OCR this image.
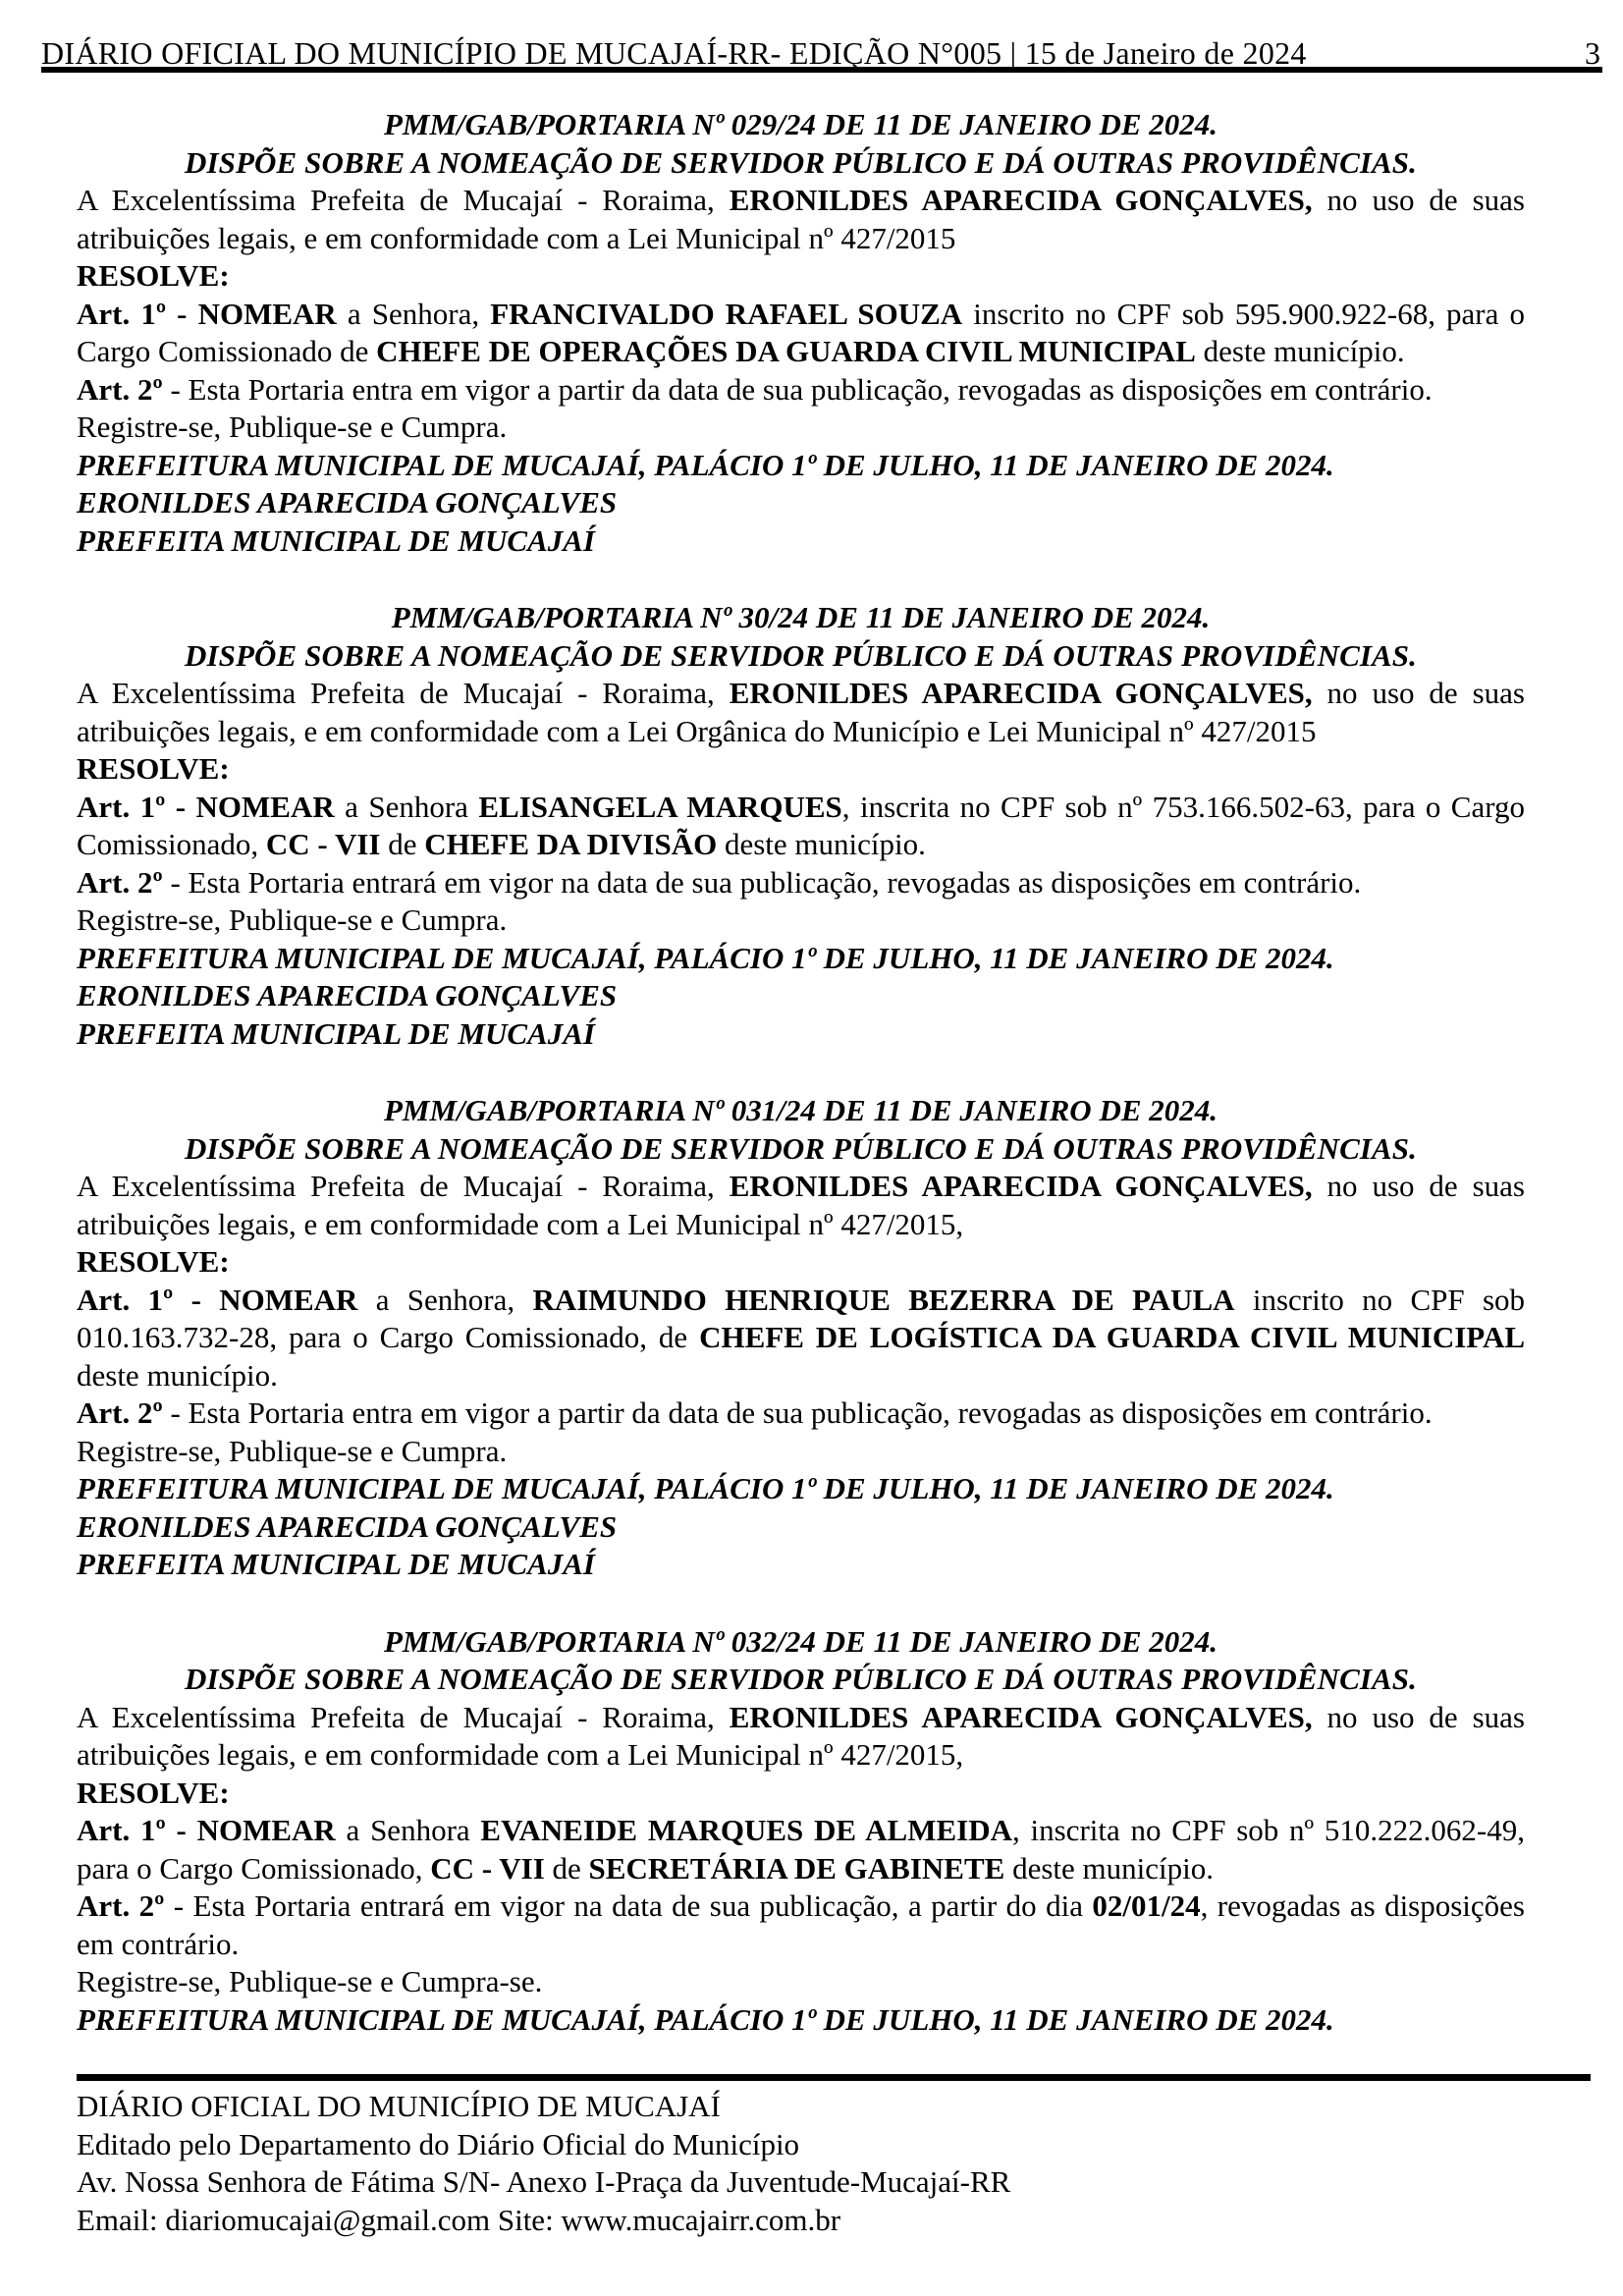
DIÁRIO OFICIAL DO MUNICÍPIO DE MUCAJAÍ-RR- EDIÇÃO N°005 | 15 de Janeiro de 2024	3
PMM/GAB/PORTARIA Nº 029/24 DE 11 DE JANEIRO DE 2024.
DISPÕE SOBRE A NOMEAÇÃO DE SERVIDOR PÚBLICO E DÁ OUTRAS PROVIDÊNCIAS.
A Excelentíssima Prefeita de Mucajaí - Roraima, ERONILDES APARECIDA GONÇALVES, no uso de suas atribuições legais, e em conformidade com a Lei Municipal nº 427/2015
RESOLVE:
Art. 1º - NOMEAR a Senhora, FRANCIVALDO RAFAEL SOUZA inscrito no CPF sob 595.900.922-68, para o Cargo Comissionado de CHEFE DE OPERAÇÕES DA GUARDA CIVIL MUNICIPAL deste município.
Art. 2º - Esta Portaria entra em vigor a partir da data de sua publicação, revogadas as disposições em contrário.
Registre-se, Publique-se e Cumpra.
PREFEITURA MUNICIPAL DE MUCAJAÍ, PALÁCIO 1º DE JULHO, 11 DE JANEIRO DE 2024.
ERONILDES APARECIDA GONÇALVES
PREFEITA MUNICIPAL DE MUCAJAÍ
PMM/GAB/PORTARIA Nº 30/24 DE 11 DE JANEIRO DE 2024.
DISPÕE SOBRE A NOMEAÇÃO DE SERVIDOR PÚBLICO E DÁ OUTRAS PROVIDÊNCIAS.
A Excelentíssima Prefeita de Mucajaí - Roraima, ERONILDES APARECIDA GONÇALVES, no uso de suas atribuições legais, e em conformidade com a Lei Orgânica do Município e Lei Municipal nº 427/2015
RESOLVE:
Art. 1º - NOMEAR a Senhora ELISANGELA MARQUES, inscrita no CPF sob nº 753.166.502-63, para o Cargo Comissionado, CC - VII de CHEFE DA DIVISÃO deste município.
Art. 2º - Esta Portaria entrará em vigor na data de sua publicação, revogadas as disposições em contrário.
Registre-se, Publique-se e Cumpra.
PREFEITURA MUNICIPAL DE MUCAJAÍ, PALÁCIO 1º DE JULHO, 11 DE JANEIRO DE 2024.
ERONILDES APARECIDA GONÇALVES
PREFEITA MUNICIPAL DE MUCAJAÍ
PMM/GAB/PORTARIA Nº 031/24 DE 11 DE JANEIRO DE 2024.
DISPÕE SOBRE A NOMEAÇÃO DE SERVIDOR PÚBLICO E DÁ OUTRAS PROVIDÊNCIAS.
A Excelentíssima Prefeita de Mucajaí - Roraima, ERONILDES APARECIDA GONÇALVES, no uso de suas atribuições legais, e em conformidade com a Lei Municipal nº 427/2015,
RESOLVE:
Art. 1º - NOMEAR a Senhora, RAIMUNDO HENRIQUE BEZERRA DE PAULA inscrito no CPF sob 010.163.732-28, para o Cargo Comissionado, de CHEFE DE LOGÍSTICA DA GUARDA CIVIL MUNICIPAL deste município.
Art. 2º - Esta Portaria entra em vigor a partir da data de sua publicação, revogadas as disposições em contrário.
Registre-se, Publique-se e Cumpra.
PREFEITURA MUNICIPAL DE MUCAJAÍ, PALÁCIO 1º DE JULHO, 11 DE JANEIRO DE 2024.
ERONILDES APARECIDA GONÇALVES
PREFEITA MUNICIPAL DE MUCAJAÍ
PMM/GAB/PORTARIA Nº 032/24 DE 11 DE JANEIRO DE 2024.
DISPÕE SOBRE A NOMEAÇÃO DE SERVIDOR PÚBLICO E DÁ OUTRAS PROVIDÊNCIAS.
A Excelentíssima Prefeita de Mucajaí - Roraima, ERONILDES APARECIDA GONÇALVES, no uso de suas atribuições legais, e em conformidade com a Lei Municipal nº 427/2015,
RESOLVE:
Art. 1º - NOMEAR a Senhora EVANEIDE MARQUES DE ALMEIDA, inscrita no CPF sob nº 510.222.062-49, para o Cargo Comissionado, CC - VII de SECRETÁRIA DE GABINETE deste município.
Art. 2º - Esta Portaria entrará em vigor na data de sua publicação, a partir do dia 02/01/24, revogadas as disposições em contrário.
Registre-se, Publique-se e Cumpra-se.
PREFEITURA MUNICIPAL DE MUCAJAÍ, PALÁCIO 1º DE JULHO, 11 DE JANEIRO DE 2024.
DIÁRIO OFICIAL DO MUNICÍPIO DE MUCAJAÍ
Editado pelo Departamento do Diário Oficial do Município
Av. Nossa Senhora de Fátima S/N- Anexo I-Praça da Juventude-Mucajaí-RR
Email: diariomucajai@gmail.com Site: www.mucajairr.com.br
